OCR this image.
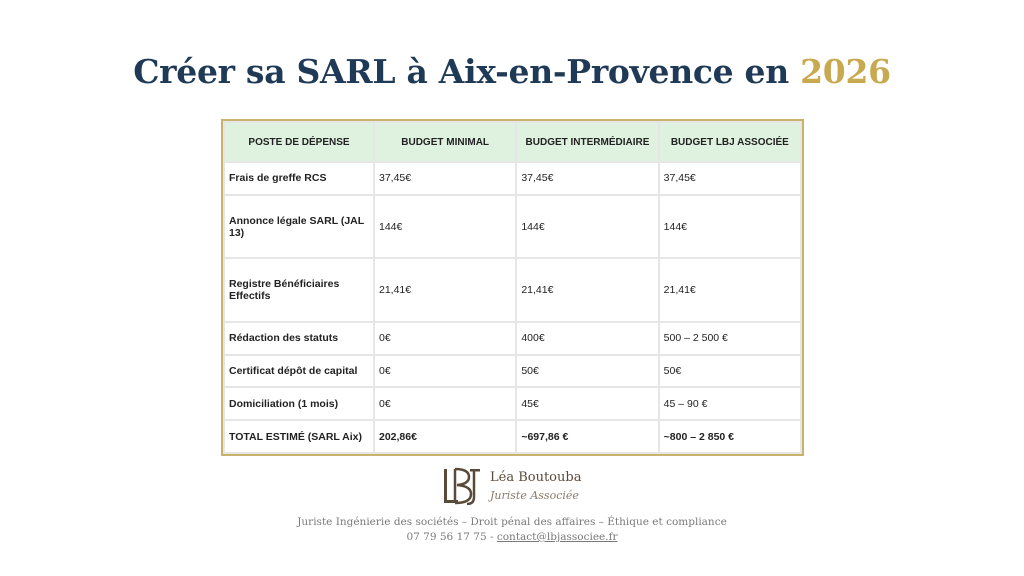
Créer sa SARL à Aix-en-Provence en 2026
POSTE DE DÉPENSE	BUDGET MINIMAL	BUDGET INTERMÉDIAIRE	BUDGET LBJ ASSOCIÉE
Frais de greffe RCS	37,45€	37,45€	37,45€
Annonce légale SARL (JAL 13)	144€	144€	144€
Registre Bénéficiaires Effectifs	21,41€	21,41€	21,41€
Rédaction des statuts	0€	400€	500 – 2 500 €
Certificat dépôt de capital	0€	50€	50€
Domiciliation (1 mois)	0€	45€	45 – 90 €
TOTAL ESTIMÉ (SARL Aix)	202,86€	~697,86 €	~800 – 2 850 €
Léa Boutouba
Juriste Associée
Juriste Ingénierie des sociétés – Droit pénal des affaires – Éthique et compliance
07 79 56 17 75 - contact@lbjassociee.fr
